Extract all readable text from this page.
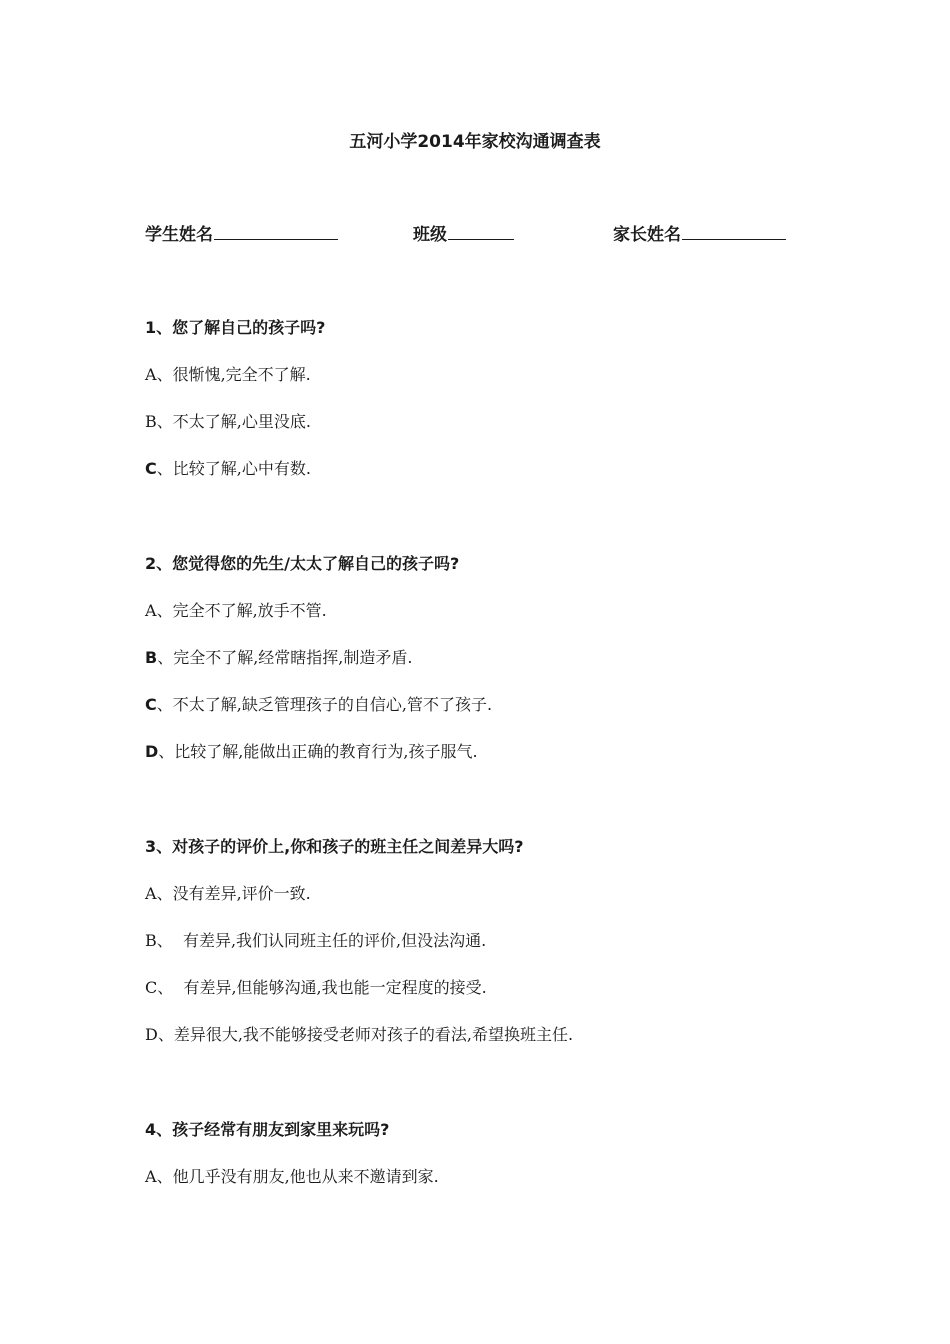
五河小学2014年家校沟通调查表
学生姓名	班级	家长姓名
1、您了解自己的孩子吗?
A、很惭愧,完全不了解.
B、不太了解,心里没底.
C、比较了解,心中有数.
2、您觉得您的先生/太太了解自己的孩子吗?
A、完全不了解,放手不管.
B、完全不了解,经常瞎指挥,制造矛盾.
C、不太了解,缺乏管理孩子的自信心,管不了孩子.
D、比较了解,能做出正确的教育行为,孩子服气.
3、对孩子的评价上,你和孩子的班主任之间差异大吗?
A、没有差异,评价一致.
B、  有差异,我们认同班主任的评价,但没法沟通.
C、  有差异,但能够沟通,我也能一定程度的接受.
D、差异很大,我不能够接受老师对孩子的看法,希望换班主任.
4、孩子经常有朋友到家里来玩吗?
A、他几乎没有朋友,他也从来不邀请到家.
